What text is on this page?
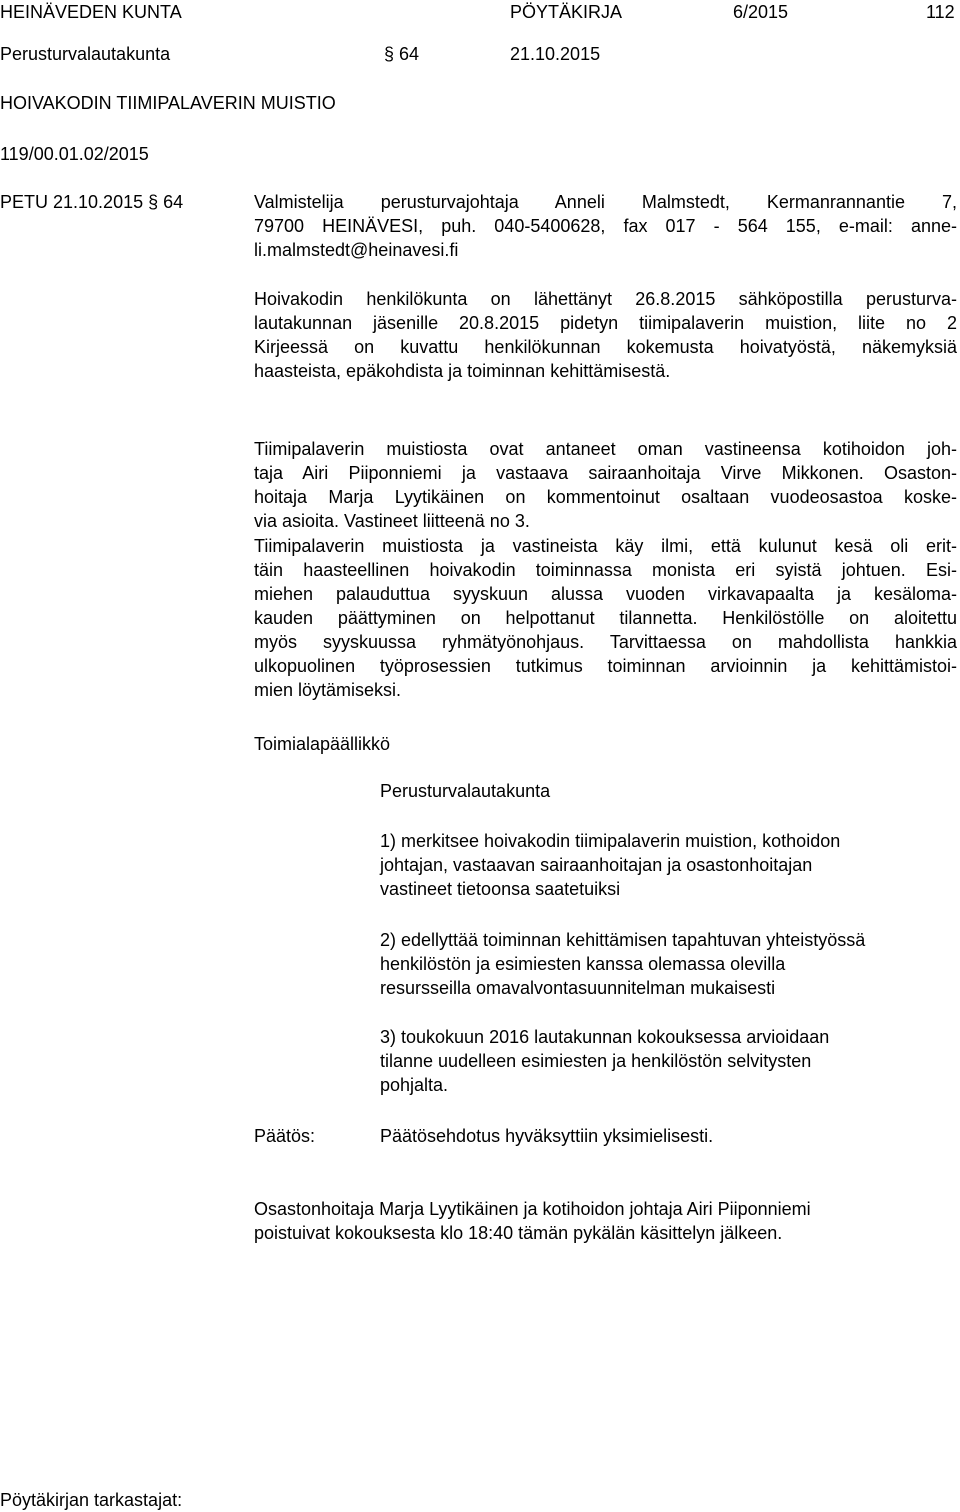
HEINÄVEDEN KUNTA	PÖYTÄKIRJA	6/2015	112
Perusturvalautakunta	§ 64	21.10.2015
HOIVAKODIN TIIMIPALAVERIN MUISTIO
119/00.01.02/2015
PETU 21.10.2015 § 64	Valmistelija perusturvajohtaja Anneli Malmstedt, Kermanrannantie 7,
79700 HEINÄVESI, puh. 040-5400628, fax 017 - 564 155, e-mail: anne-
li.malmstedt@heinavesi.fi
Hoivakodin henkilökunta on lähettänyt 26.8.2015 sähköpostilla perusturva-
lautakunnan jäsenille 20.8.2015 pidetyn tiimipalaverin muistion, liite no 2
Kirjeessä on kuvattu henkilökunnan kokemusta hoivatyöstä, näkemyksiä
haasteista, epäkohdista ja toiminnan kehittämisestä.
Tiimipalaverin muistiosta ovat antaneet oman vastineensa kotihoidon joh-
taja Airi Piiponniemi ja vastaava sairaanhoitaja Virve Mikkonen. Osaston-
hoitaja Marja Lyytikäinen on kommentoinut osaltaan vuodeosastoa koske-
via asioita. Vastineet liitteenä no 3.
Tiimipalaverin muistiosta ja vastineista käy ilmi, että kulunut kesä oli erit-
täin haasteellinen hoivakodin toiminnassa monista eri syistä johtuen. Esi-
miehen palauduttua syyskuun alussa vuoden virkavapaalta ja kesäloma-
kauden päättyminen on helpottanut tilannetta. Henkilöstölle on aloitettu
myös syyskuussa ryhmätyönohjaus. Tarvittaessa on mahdollista hankkia
ulkopuolinen työprosessien tutkimus toiminnan arvioinnin ja kehittämistoi-
mien löytämiseksi.
Toimialapäällikkö
Perusturvalautakunta
1) merkitsee hoivakodin tiimipalaverin muistion, kothoidon
johtajan, vastaavan sairaanhoitajan ja osastonhoitajan
vastineet tietoonsa saatetuiksi
2) edellyttää toiminnan kehittämisen tapahtuvan yhteistyössä
henkilöstön ja esimiesten kanssa olemassa olevilla
resursseilla omavalvontasuunnitelman mukaisesti
3) toukokuun 2016 lautakunnan kokouksessa arvioidaan
tilanne uudelleen esimiesten ja henkilöstön selvitysten
pohjalta.
Päätös:	Päätösehdotus hyväksyttiin yksimielisesti.
Osastonhoitaja Marja Lyytikäinen ja kotihoidon johtaja Airi Piiponniemi
poistuivat kokouksesta klo 18:40 tämän pykälän käsittelyn jälkeen.
Pöytäkirjan tarkastajat:
